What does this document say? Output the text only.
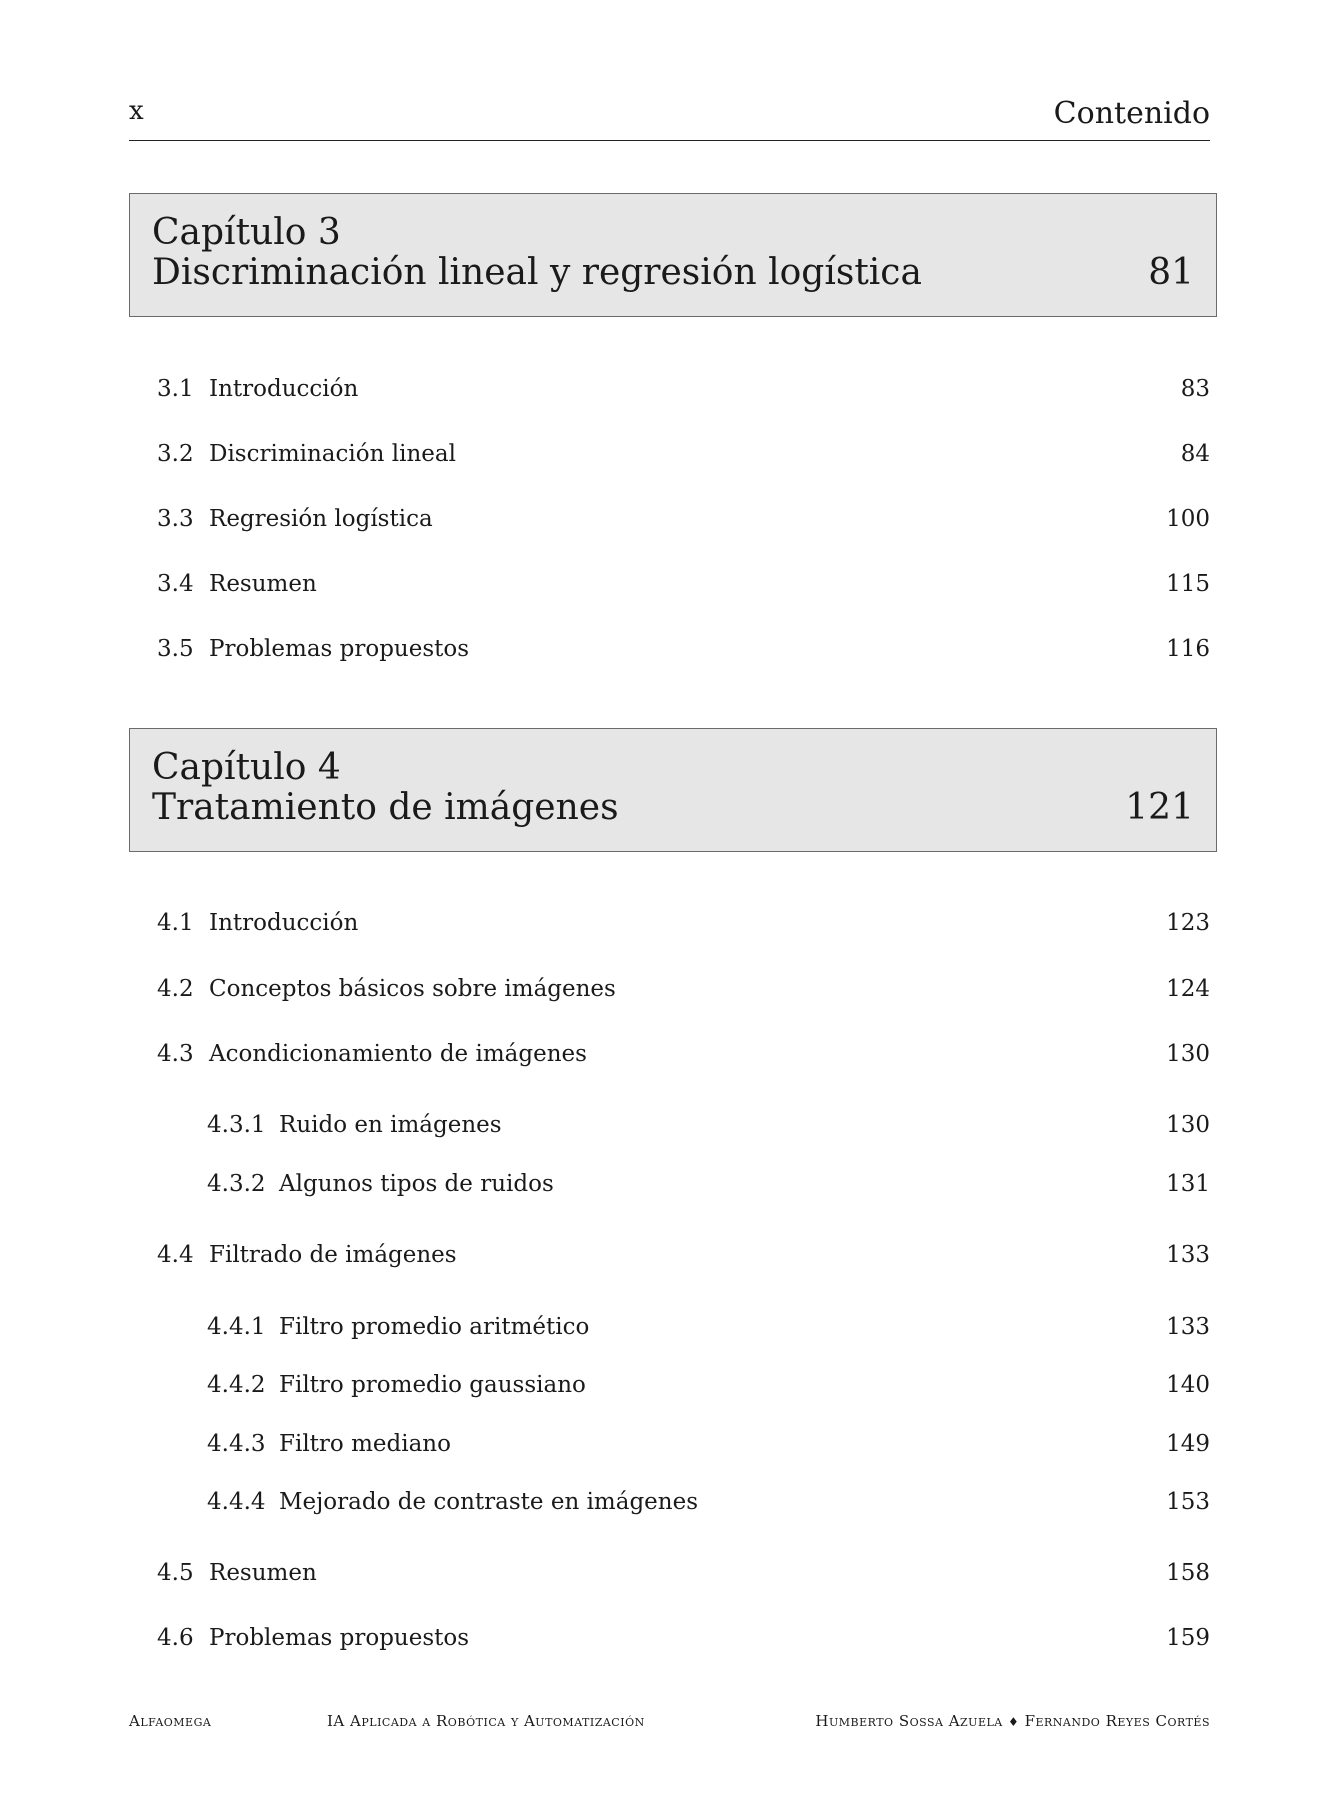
x	Contenido
Capítulo 3
Discriminación lineal y regresión logística	81
3.1 Introducción	83
3.2 Discriminación lineal	84
3.3 Regresión logística	100
3.4 Resumen	115
3.5 Problemas propuestos	116
Capítulo 4
Tratamiento de imágenes	121
4.1 Introducción	123
4.2 Conceptos básicos sobre imágenes	124
4.3 Acondicionamiento de imágenes	130
4.3.1 Ruido en imágenes	130
4.3.2 Algunos tipos de ruidos	131
4.4 Filtrado de imágenes	133
4.4.1 Filtro promedio aritmético	133
4.4.2 Filtro promedio gaussiano	140
4.4.3 Filtro mediano	149
4.4.4 Mejorado de contraste en imágenes	153
4.5 Resumen	158
4.6 Problemas propuestos	159
Alfaomega	IA Aplicada a Robótica y Automatización	Humberto Sossa Azuela ♦ Fernando Reyes Cortés
